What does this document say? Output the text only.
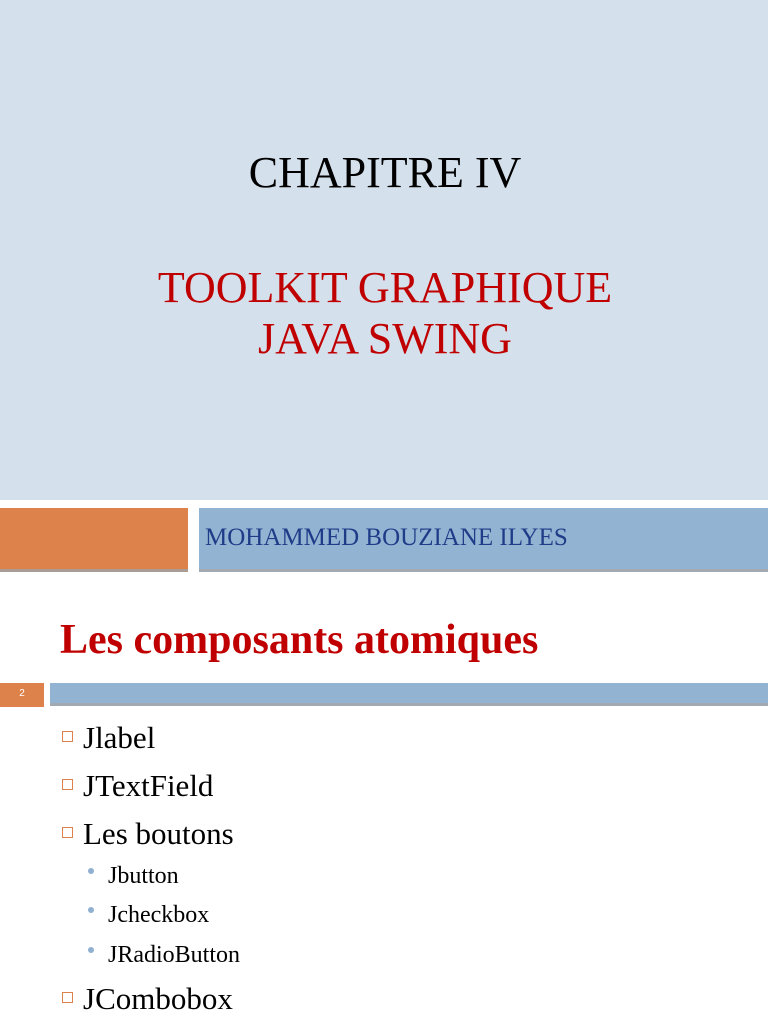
CHAPITRE IV
TOOLKIT GRAPHIQUE
JAVA SWING
MOHAMMED BOUZIANE ILYES
Les composants atomiques
2
Jlabel
JTextField
Les boutons
Jbutton
Jcheckbox
JRadioButton
JCombobox
